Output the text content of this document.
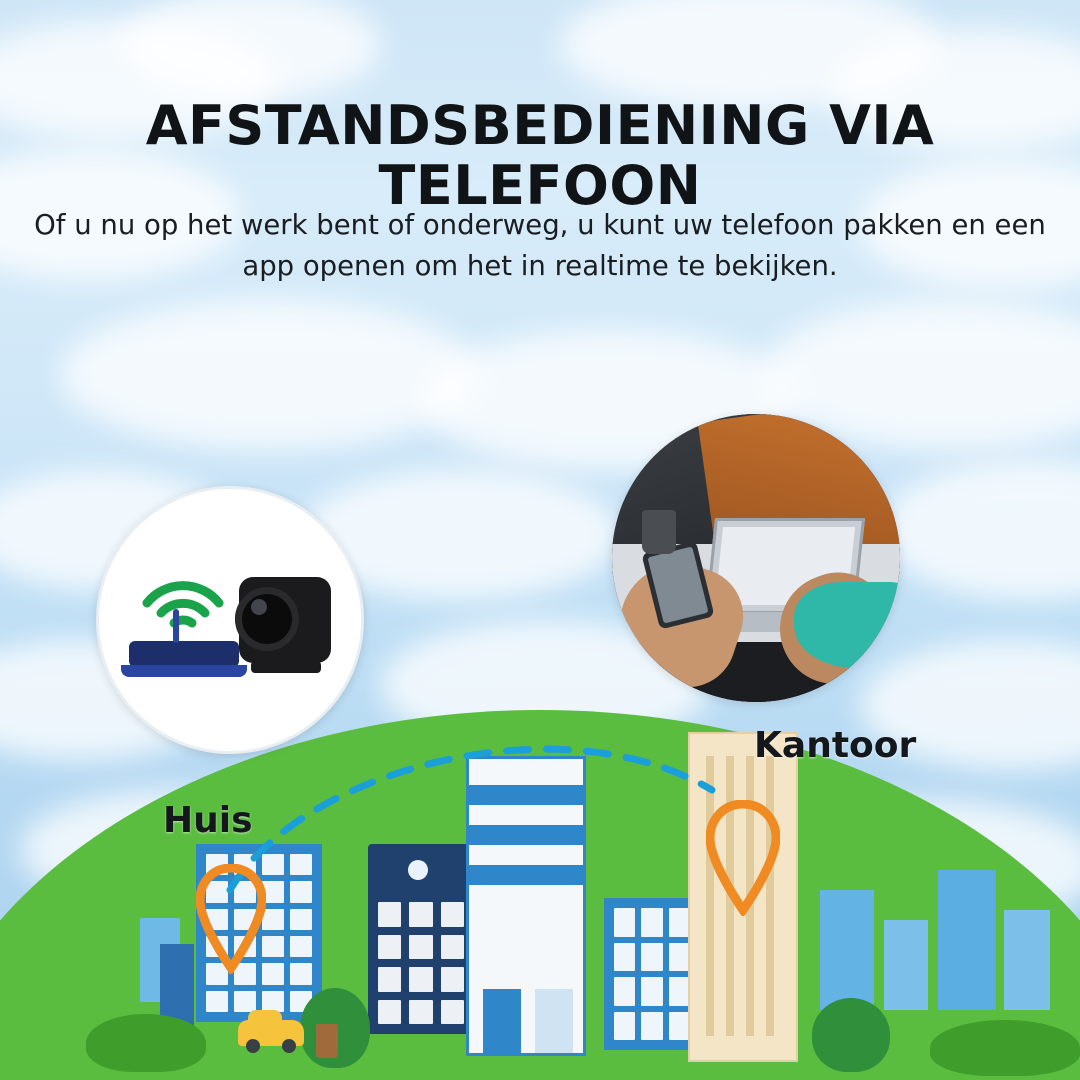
AFSTANDSBEDIENING VIA TELEFOON
Of u nu op het werk bent of onderweg, u kunt uw telefoon pakken en een app openen om het in realtime te bekijken.
Huis
Kantoor
